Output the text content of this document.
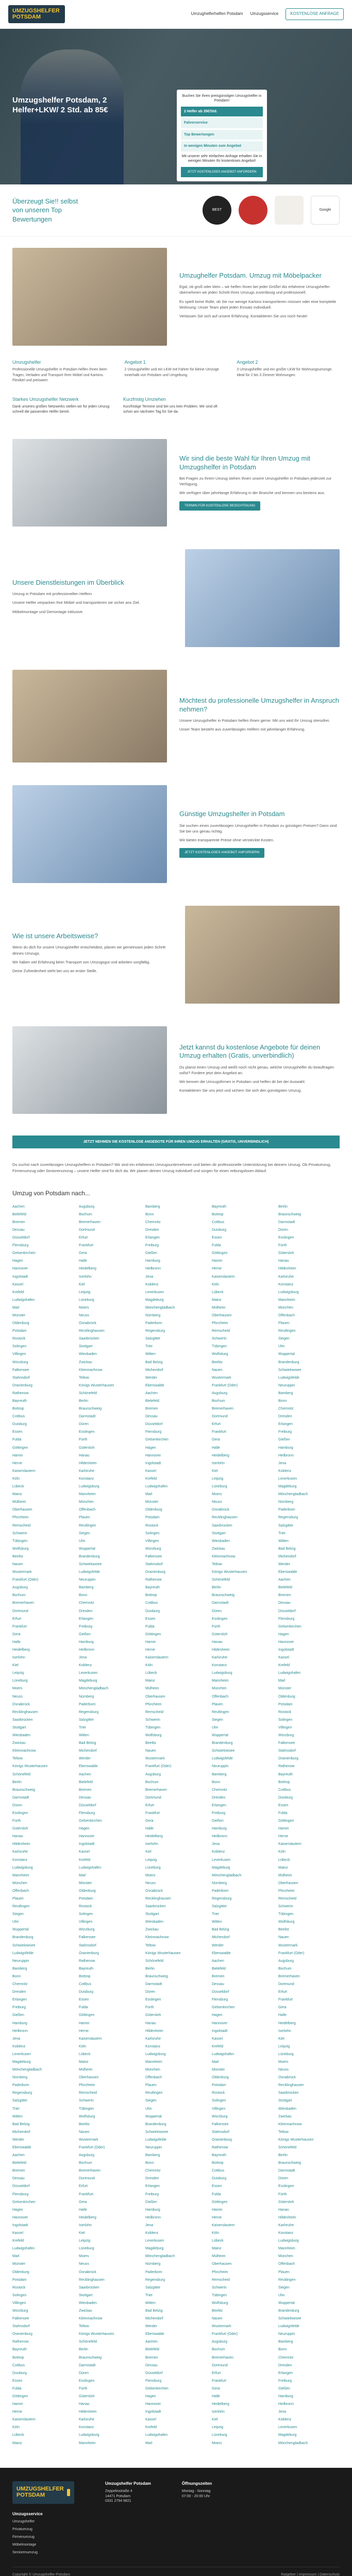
UMZUGSHELFER
POTSDAM	Umzughelferhelfen Potsdam Umzugsservice	KOSTENLOSE ANFRAGE
Umzugshelfer Potsdam, 2 Helfer+LKW/ 2 Std. ab 85€

Buchen Sie Ihren preisgünstigen Umzugshelfer in Potsdam!

2 Helfer ab 35€/Std.
Fahrerservice
Top Bewertungen
In wenigen Minuten zum Angebot

Mit unserer sehr einfachen Anfrage erhalten Sie in wenigen Minuten Ihr kostenloses Angebot!

JETZT KOSTENLOSES ANGEBOT ANFORDERN
Überzeugt Sie!! selbst von unseren Top Bewertungen
BEST	Google
Umzughelfer Potsdam. Umzug mit Möbelpacker

Egal, ob groß oder klein – wir helfen Ihnen bei jeder Größe! Als erfahrene Umzugshelfer übernehmen wir jeden Schritt Ihres Umzugs zuverlässig und professionell.

Es spielt keine Rolle, ob Sie nur wenige Kartons transportieren müssen oder eine komplette Wohnung: Unser Team plant jeden Einsatz individuell.

Verlassen Sie sich auf unsere Erfahrung. Kontaktieren Sie uns noch heute!

Umzugshelfer

Professionelle Umzugshelfer in Potsdam helfen Ihnen beim Tragen, Verladen und Transport Ihrer Möbel und Kartons. Flexibel und preiswert.

Angebot 1

2 Umzugshelfer und ein LKW mit Fahrer für kleine Umzüge innerhalb von Potsdam und Umgebung.

Angebot 2

3 Umzugshelfer und ein großer LKW für Wohnungsumzüge. Ideal für 2 bis 3 Zimmer Wohnungen.

Starkes Umzugshelfer Netzwerk

Dank unseres großen Netzwerks stellen wir für jeden Umzug schnell die passenden Helfer bereit.

Kurzfristig Umziehen

Kurzfristige Termine sind bei uns kein Problem. Wir sind oft schon am nächsten Tag für Sie da.

Wir sind die beste Wahl für Ihren Umzug mit Umzugshelfer in Potsdam

Bei Fragen zu Ihrem Umzug stehen Ihnen unsere Umzugshelfer in Potsdam jederzeit zur Verfügung.

Wir verfügen über jahrelange Erfahrung in der Branche und kennen uns bestens aus.

TERMIN FÜR KOSTENLOSE BESICHTIGUNG
Unsere Dienstleistungen im Überblick

Umzug in Potsdam mit professionellen Helfern

Unsere Helfer verpacken Ihre Möbel und transportieren sie sicher ans Ziel.

Möbelmontage und Demontage inklusive.

Möchtest du professionelle Umzugshelfer in Anspruch nehmen?

Unsere Umzugshelfer in Potsdam helfen Ihnen gerne. Mit uns wird Ihr Umzug stressfrei.

Unser Team besteht aus zuverlässigen Helfern mit jahrelanger Erfahrung.

Günstige Umzugshelfer in Potsdam

Sie suchen einen zuverlässigen Umzugshelfer in Potsdam zu günstigen Preisen? Dann sind Sie bei uns genau richtig.

Wir bieten transparente Preise ohne versteckte Kosten.

JETZT KOSTENLOSES ANGEBOT ANFORDERN
Wie ist unsere Arbeitsweise?

Wenn du dich für unsere Umzugshelfer entscheidest, planen wir gemeinsam jeden Schritt deines Umzugs.

Wir haben viel Erfahrung beim Transport von Umzugsgut und arbeiten sorgfältig.

Deine Zufriedenheit steht bei uns an erster Stelle.

Jetzt kannst du kostenlose Angebote für deinen Umzug erhalten (Gratis, unverbindlich)

Du planst einen Umzug und weißt noch nicht genau, welche Umzugshelfer du beauftragen sollst? Fordere jetzt dein Angebot an.

Wir kennen die Umzugsfirmen in Potsdam und helfen dir bei der Auswahl.

Kontaktieren Sie uns jetzt und sichern Sie sich den günstigsten Umzug.

JETZT NEHMEN SIE KOSTENLOSE ANGEBOTE FÜR IHREN UMZUG ERHALTEN (GRATIS, UNVERBINDLICH)

Du suchst nach zuverlässigen Umzugshelfern in Potsdam? Wir sind ein erfahrenes Umzugsunternehmen und bieten dir professionelle Unterstützung bei deinem Umzug. Ob Privatumzug, Firmenumzug oder Seniorenumzug – unsere Helfer sind für dich da. Wir planen deinen Umzug individuell und sorgen für einen reibungslosen Ablauf.

Umzug von Potsdam nach...
Aachen	Augsburg	Bamberg	Bayreuth	Berlin
Bielefeld	Bochum	Bonn	Bottrop	Braunschweig
Bremen	Bremerhaven	Chemnitz	Cottbus	Darmstadt
Dessau	Dortmund	Dresden	Duisburg	Düren
Düsseldorf	Erfurt	Erlangen	Essen	Esslingen
Flensburg	Frankfurt	Freiburg	Fulda	Fürth
Gelsenkirchen	Gera	Gießen	Göttingen	Gütersloh
Hagen	Halle	Hamburg	Hamm	Hanau
Hannover	Heidelberg	Heilbronn	Herne	Hildesheim
Ingolstadt	Iserlohn	Jena	Kaiserslautern	Karlsruhe
Kassel	Kiel	Koblenz	Köln	Konstanz
Krefeld	Leipzig	Leverkusen	Lübeck	Ludwigsburg
Ludwigshafen	Lüneburg	Magdeburg	Mainz	Mannheim
Marl	Moers	Mönchengladbach	Mülheim	München
Münster	Neuss	Nürnberg	Oberhausen	Offenbach
Oldenburg	Osnabrück	Paderborn	Pforzheim	Plauen
Potsdam	Recklinghausen	Regensburg	Remscheid	Reutlingen
Rostock	Saarbrücken	Salzgitter	Schwerin	Siegen
Solingen	Stuttgart	Trier	Tübingen	Ulm
Villingen	Wiesbaden	Witten	Wolfsburg	Wuppertal
Würzburg	Zwickau	Bad Belzig	Beelitz	Brandenburg
Falkensee	Kleinmachnow	Michendorf	Nauen	Schwielowsee
Stahnsdorf	Teltow	Werder	Wustermark	Ludwigsfelde
Oranienburg	Königs Wusterhausen	Eberswalde	Frankfurt (Oder)	Neuruppin
Rathenow	Schönefeld	Aachen	Augsburg	Bamberg
Bayreuth	Berlin	Bielefeld	Bochum	Bonn
Bottrop	Braunschweig	Bremen	Bremerhaven	Chemnitz
Cottbus	Darmstadt	Dessau	Dortmund	Dresden
Duisburg	Düren	Düsseldorf	Erfurt	Erlangen
Essen	Esslingen	Flensburg	Frankfurt	Freiburg
Fulda	Fürth	Gelsenkirchen	Gera	Gießen
Göttingen	Gütersloh	Hagen	Halle	Hamburg
Hamm	Hanau	Hannover	Heidelberg	Heilbronn
Herne	Hildesheim	Ingolstadt	Iserlohn	Jena
Kaiserslautern	Karlsruhe	Kassel	Kiel	Koblenz
Köln	Konstanz	Krefeld	Leipzig	Leverkusen
Lübeck	Ludwigsburg	Ludwigshafen	Lüneburg	Magdeburg
Mainz	Mannheim	Marl	Moers	Mönchengladbach
Mülheim	München	Münster	Neuss	Nürnberg
Oberhausen	Offenbach	Oldenburg	Osnabrück	Paderborn
Pforzheim	Plauen	Potsdam	Recklinghausen	Regensburg
Remscheid	Reutlingen	Rostock	Saarbrücken	Salzgitter
Schwerin	Siegen	Solingen	Stuttgart	Trier
Tübingen	Ulm	Villingen	Wiesbaden	Witten
Wolfsburg	Wuppertal	Würzburg	Zwickau	Bad Belzig
Beelitz	Brandenburg	Falkensee	Kleinmachnow	Michendorf
Nauen	Schwielowsee	Stahnsdorf	Teltow	Werder
Wustermark	Ludwigsfelde	Oranienburg	Königs Wusterhausen	Eberswalde
Frankfurt (Oder)	Neuruppin	Rathenow	Schönefeld	Aachen
Augsburg	Bamberg	Bayreuth	Berlin	Bielefeld
Bochum	Bonn	Bottrop	Braunschweig	Bremen
Bremerhaven	Chemnitz	Cottbus	Darmstadt	Dessau
Dortmund	Dresden	Duisburg	Düren	Düsseldorf
Erfurt	Erlangen	Essen	Esslingen	Flensburg
Frankfurt	Freiburg	Fulda	Fürth	Gelsenkirchen
Gera	Gießen	Göttingen	Gütersloh	Hagen
Halle	Hamburg	Hamm	Hanau	Hannover
Heidelberg	Heilbronn	Herne	Hildesheim	Ingolstadt
Iserlohn	Jena	Kaiserslautern	Karlsruhe	Kassel
Kiel	Koblenz	Köln	Konstanz	Krefeld
Leipzig	Leverkusen	Lübeck	Ludwigsburg	Ludwigshafen
Lüneburg	Magdeburg	Mainz	Mannheim	Marl
Moers	Mönchengladbach	Mülheim	München	Münster
Neuss	Nürnberg	Oberhausen	Offenbach	Oldenburg
Osnabrück	Paderborn	Pforzheim	Plauen	Potsdam
Recklinghausen	Regensburg	Remscheid	Reutlingen	Rostock
Saarbrücken	Salzgitter	Schwerin	Siegen	Solingen
Stuttgart	Trier	Tübingen	Ulm	Villingen
Wiesbaden	Witten	Wolfsburg	Wuppertal	Würzburg
Zwickau	Bad Belzig	Beelitz	Brandenburg	Falkensee
Kleinmachnow	Michendorf	Nauen	Schwielowsee	Stahnsdorf
Teltow	Werder	Wustermark	Ludwigsfelde	Oranienburg
Königs Wusterhausen	Eberswalde	Frankfurt (Oder)	Neuruppin	Rathenow
Schönefeld	Aachen	Augsburg	Bamberg	Bayreuth
Berlin	Bielefeld	Bochum	Bonn	Bottrop
Braunschweig	Bremen	Bremerhaven	Chemnitz	Cottbus
Darmstadt	Dessau	Dortmund	Dresden	Duisburg
Düren	Düsseldorf	Erfurt	Erlangen	Essen
Esslingen	Flensburg	Frankfurt	Freiburg	Fulda
Fürth	Gelsenkirchen	Gera	Gießen	Göttingen
Gütersloh	Hagen	Halle	Hamburg	Hamm
Hanau	Hannover	Heidelberg	Heilbronn	Herne
Hildesheim	Ingolstadt	Iserlohn	Jena	Kaiserslautern
Karlsruhe	Kassel	Kiel	Koblenz	Köln
Konstanz	Krefeld	Leipzig	Leverkusen	Lübeck
Ludwigsburg	Ludwigshafen	Lüneburg	Magdeburg	Mainz
Mannheim	Marl	Moers	Mönchengladbach	Mülheim
München	Münster	Neuss	Nürnberg	Oberhausen
Offenbach	Oldenburg	Osnabrück	Paderborn	Pforzheim
Plauen	Potsdam	Recklinghausen	Regensburg	Remscheid
Reutlingen	Rostock	Saarbrücken	Salzgitter	Schwerin
Siegen	Solingen	Stuttgart	Trier	Tübingen
Ulm	Villingen	Wiesbaden	Witten	Wolfsburg
Wuppertal	Würzburg	Zwickau	Bad Belzig	Beelitz
Brandenburg	Falkensee	Kleinmachnow	Michendorf	Nauen
Schwielowsee	Stahnsdorf	Teltow	Werder	Wustermark
Ludwigsfelde	Oranienburg	Königs Wusterhausen	Eberswalde	Frankfurt (Oder)
Neuruppin	Rathenow	Schönefeld	Aachen	Augsburg
Bamberg	Bayreuth	Berlin	Bielefeld	Bochum
Bonn	Bottrop	Braunschweig	Bremen	Bremerhaven
Chemnitz	Cottbus	Darmstadt	Dessau	Dortmund
Dresden	Duisburg	Düren	Düsseldorf	Erfurt
Erlangen	Essen	Esslingen	Flensburg	Frankfurt
Freiburg	Fulda	Fürth	Gelsenkirchen	Gera
Gießen	Göttingen	Gütersloh	Hagen	Halle
Hamburg	Hamm	Hanau	Hannover	Heidelberg
Heilbronn	Herne	Hildesheim	Ingolstadt	Iserlohn
Jena	Kaiserslautern	Karlsruhe	Kassel	Kiel
Koblenz	Köln	Konstanz	Krefeld	Leipzig
Leverkusen	Lübeck	Ludwigsburg	Ludwigshafen	Lüneburg
Magdeburg	Mainz	Mannheim	Marl	Moers
Mönchengladbach	Mülheim	München	Münster	Neuss
Nürnberg	Oberhausen	Offenbach	Oldenburg	Osnabrück
Paderborn	Pforzheim	Plauen	Potsdam	Recklinghausen
Regensburg	Remscheid	Reutlingen	Rostock	Saarbrücken
Salzgitter	Schwerin	Siegen	Solingen	Stuttgart
Trier	Tübingen	Ulm	Villingen	Wiesbaden
Witten	Wolfsburg	Wuppertal	Würzburg	Zwickau
Bad Belzig	Beelitz	Brandenburg	Falkensee	Kleinmachnow
Michendorf	Nauen	Schwielowsee	Stahnsdorf	Teltow
Werder	Wustermark	Ludwigsfelde	Oranienburg	Königs Wusterhausen
Eberswalde	Frankfurt (Oder)	Neuruppin	Rathenow	Schönefeld
Aachen	Augsburg	Bamberg	Bayreuth	Berlin
Bielefeld	Bochum	Bonn	Bottrop	Braunschweig
Bremen	Bremerhaven	Chemnitz	Cottbus	Darmstadt
Dessau	Dortmund	Dresden	Duisburg	Düren
Düsseldorf	Erfurt	Erlangen	Essen	Esslingen
Flensburg	Frankfurt	Freiburg	Fulda	Fürth
Gelsenkirchen	Gera	Gießen	Göttingen	Gütersloh
Hagen	Halle	Hamburg	Hamm	Hanau
Hannover	Heidelberg	Heilbronn	Herne	Hildesheim
Ingolstadt	Iserlohn	Jena	Kaiserslautern	Karlsruhe
Kassel	Kiel	Koblenz	Köln	Konstanz
Krefeld	Leipzig	Leverkusen	Lübeck	Ludwigsburg
Ludwigshafen	Lüneburg	Magdeburg	Mainz	Mannheim
Marl	Moers	Mönchengladbach	Mülheim	München
Münster	Neuss	Nürnberg	Oberhausen	Offenbach
Oldenburg	Osnabrück	Paderborn	Pforzheim	Plauen
Potsdam	Recklinghausen	Regensburg	Remscheid	Reutlingen
Rostock	Saarbrücken	Salzgitter	Schwerin	Siegen
Solingen	Stuttgart	Trier	Tübingen	Ulm
Villingen	Wiesbaden	Witten	Wolfsburg	Wuppertal
Würzburg	Zwickau	Bad Belzig	Beelitz	Brandenburg
Falkensee	Kleinmachnow	Michendorf	Nauen	Schwielowsee
Stahnsdorf	Teltow	Werder	Wustermark	Ludwigsfelde
Oranienburg	Königs Wusterhausen	Eberswalde	Frankfurt (Oder)	Neuruppin
Rathenow	Schönefeld	Aachen	Augsburg	Bamberg
Bayreuth	Berlin	Bielefeld	Bochum	Bonn
Bottrop	Braunschweig	Bremen	Bremerhaven	Chemnitz
Cottbus	Darmstadt	Dessau	Dortmund	Dresden
Duisburg	Düren	Düsseldorf	Erfurt	Erlangen
Essen	Esslingen	Flensburg	Frankfurt	Freiburg
Fulda	Fürth	Gelsenkirchen	Gera	Gießen
Göttingen	Gütersloh	Hagen	Halle	Hamburg
Hamm	Hanau	Hannover	Heidelberg	Heilbronn
Herne	Hildesheim	Ingolstadt	Iserlohn	Jena
Kaiserslautern	Karlsruhe	Kassel	Kiel	Koblenz
Köln	Konstanz	Krefeld	Leipzig	Leverkusen
Lübeck	Ludwigsburg	Ludwigshafen	Lüneburg	Magdeburg
Mainz	Mannheim	Marl	Moers	Mönchengladbach
UMZUGSHELFER
POTSDAM
Umzugshelfer Potsdam
Zeppelinstraße 4
14471 Potsdam
0331 2794 9821
Öffnungszeiten
Montag - Sonntag
07:00 - 20:00 Uhr
Umzugsservice
Umzugshelfer
Privatumzug
Firmenumzug
Möbelmontage
Seniorenumzug
Copyright © Umzugshelfer-Potsdam	Ratgeber | Impressum | Datenschutz
